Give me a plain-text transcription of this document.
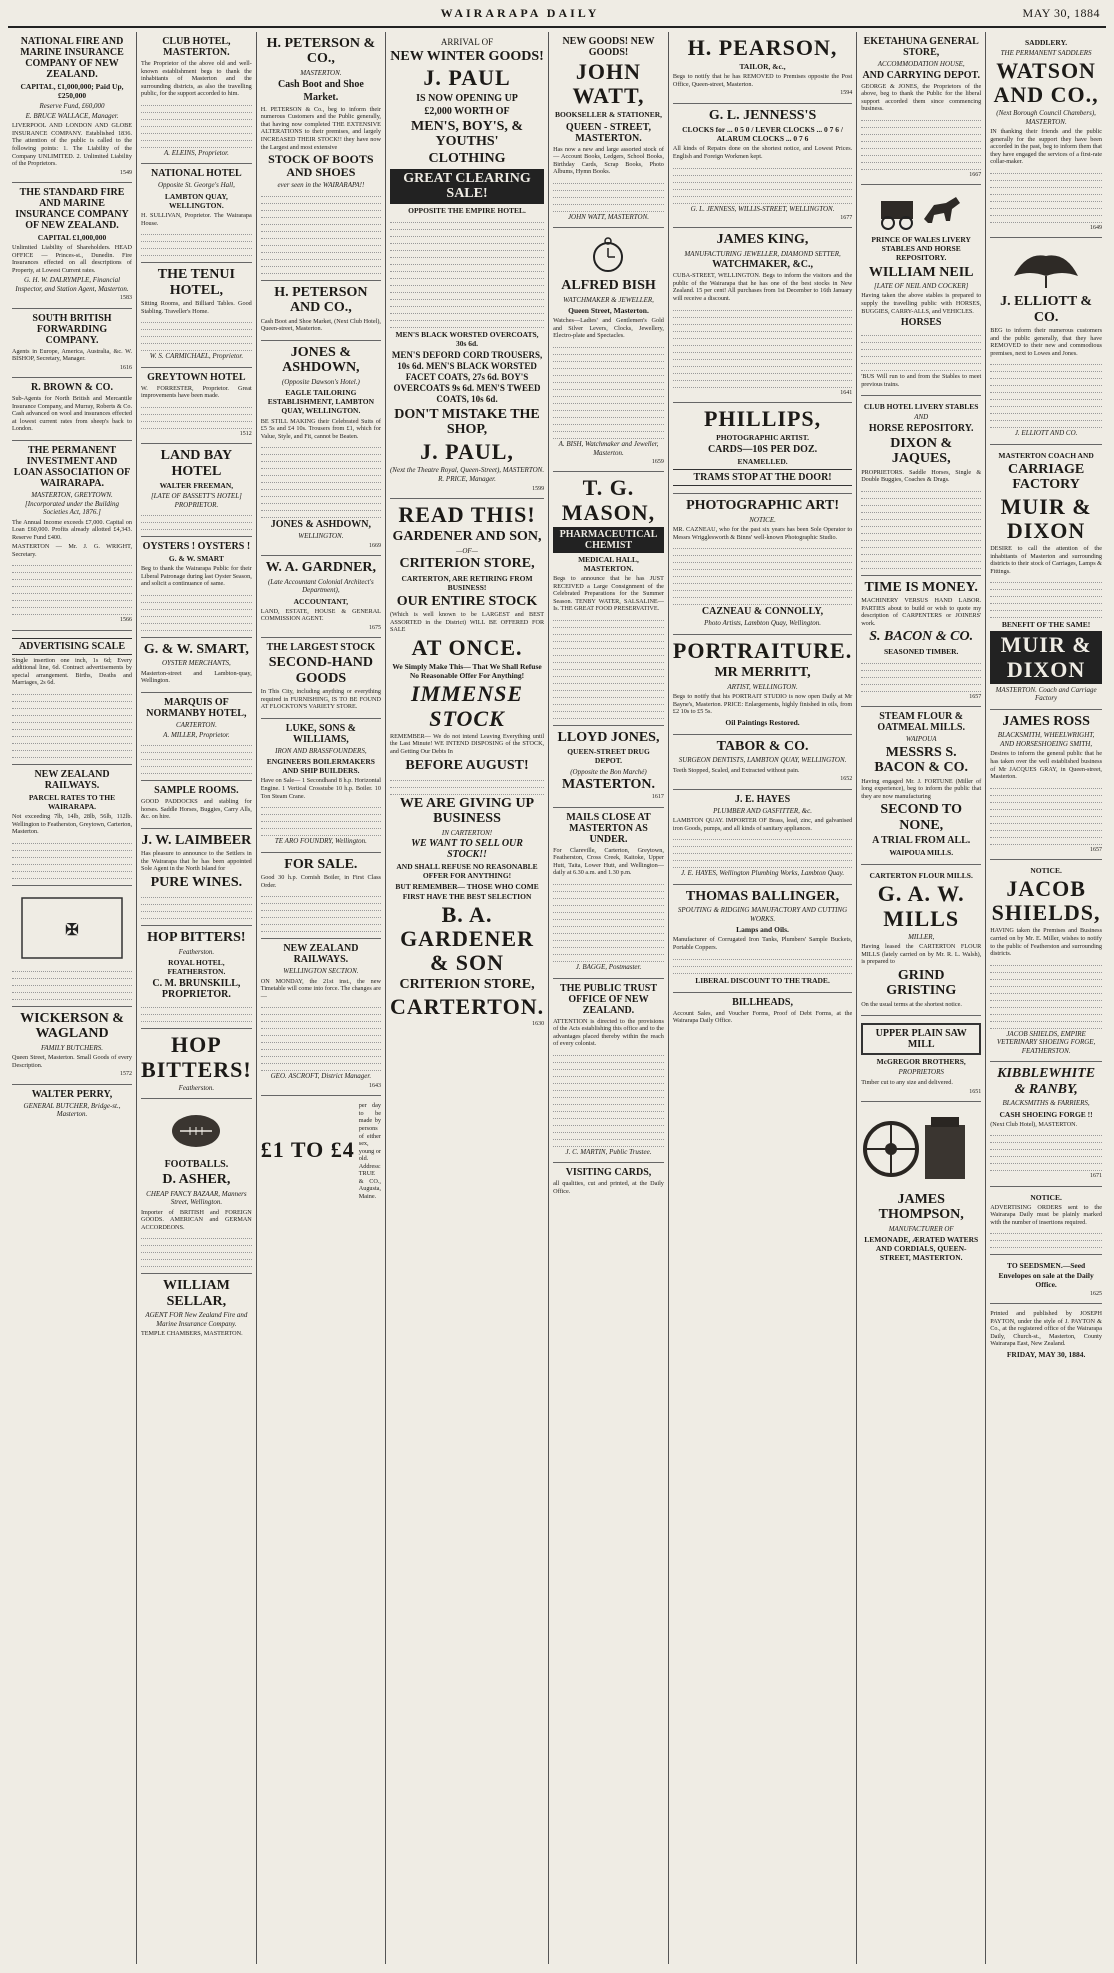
WAIRARAPA DAILY	MAY 30, 1884
NATIONAL FIRE AND MARINE INSURANCE COMPANY OF NEW ZEALAND.
CAPITAL, £1,000,000; Paid Up, £250,000
Reserve Fund, £60,000
E. BRUCE WALLACE, Manager.

LIVERPOOL AND LONDON AND GLOBE INSURANCE COMPANY. Established 1836. The attention of the public is called to the following points: 1. The Liability of the Company UNLIMITED. 2. Unlimited Liability of the Proprietors.

1549
THE STANDARD FIRE AND MARINE INSURANCE COMPANY OF NEW ZEALAND.
CAPITAL £1,000,000

Unlimited Liability of Shareholders. HEAD OFFICE — Princes-st., Dunedin. Fire Insurances effected on all descriptions of Property, at Lowest Current rates.

G. H. W. DALRYMPLE, Financial Inspector, and Station Agent, Masterton.
1583
SOUTH BRITISH FORWARDING COMPANY.

Agents in Europe, America, Australia, &c. W. BISHOP, Secretary, Manager.

1616
R. BROWN & CO.

Sub-Agents for North British and Mercantile Insurance Company, and Murray, Roberts & Co. Cash advanced on wool and insurances effected at lowest current rates from sheep's back to London.

THE PERMANENT INVESTMENT AND LOAN ASSOCIATION OF WAIRARAPA.
MASTERTON, GREYTOWN. [Incorporated under the Building Societies Act, 1876.]

The Annual Income exceeds £7,000. Capital on Loan £60,000. Profits already allotted £4,343. Reserve Fund £400.

MASTERTON — Mr. J. G. WRIGHT, Secretary.

1566
ADVERTISING SCALE

Single insertion one inch, 1s 6d; Every additional line, 6d. Contract advertisements by special arrangement. Births, Deaths and Marriages, 2s 6d.

NEW ZEALAND RAILWAYS.
PARCEL RATES TO THE WAIRARAPA.

Not exceeding 7lb, 14lb, 28lb, 56lb, 112lb. Wellington to Featherston, Greytown, Carterton, Masterton.

✠
WICKERSON & WAGLAND
FAMILY BUTCHERS.

Queen Street, Masterton. Small Goods of every Description.

1572
WALTER PERRY,
GENERAL BUTCHER, Bridge-st., Masterton.
CLUB HOTEL, MASTERTON.

The Proprietor of the above old and well-known establishment begs to thank the inhabitants of Masterton and the surrounding districts, as also the travelling public, for the support accorded to him.

A. ELEINS, Proprietor.
NATIONAL HOTEL
Opposite St. George's Hall,
LAMBTON QUAY, WELLINGTON.

H. SULLIVAN, Proprietor. The Wairarapa House.

THE TENUI HOTEL,

Sitting Rooms, and Billiard Tables. Good Stabling. Traveller's Home.

W. S. CARMICHAEL, Proprietor.
GREYTOWN HOTEL

W. FORRESTER, Proprietor. Great improvements have been made.

1512
LAND BAY HOTEL
WALTER FREEMAN,
[LATE OF BASSETT'S HOTEL] PROPRIETOR.
OYSTERS ! OYSTERS !
G. & W. SMART

Beg to thank the Wairarapa Public for their Liberal Patronage during last Oyster Season, and solicit a continuance of same.

G. & W. SMART,
OYSTER MERCHANTS,

Masterton-street and Lambton-quay, Wellington.

MARQUIS OF NORMANBY HOTEL,
CARTERTON.
A. MILLER, Proprietor.
SAMPLE ROOMS.

GOOD PADDOCKS and stabling for horses. Saddle Horses, Buggies, Carry Alls, &c. on hire.

J. W. LAIMBEER

Has pleasure to announce to the Settlers in the Wairarapa that he has been appointed Sole Agent in the North Island for

PURE WINES.
HOP BITTERS!
Featherston.
ROYAL HOTEL, FEATHERSTON.
C. M. BRUNSKILL, PROPRIETOR.
HOP BITTERS!
Featherston.
FOOTBALLS.
D. ASHER,
CHEAP FANCY BAZAAR, Manners Street, Wellington.

Importer of BRITISH and FOREIGN GOODS. AMERICAN and GERMAN ACCORDEONS.

WILLIAM SELLAR,
AGENT FOR New Zealand Fire and Marine Insurance Company.

TEMPLE CHAMBERS, MASTERTON.

H. PETERSON & CO.,
MASTERTON.
Cash Boot and Shoe Market.

H. PETERSON & Co., beg to inform their numerous Customers and the Public generally, that having now completed THE EXTENSIVE ALTERATIONS to their premises, and largely INCREASED THEIR STOCK!! they have now the Largest and most extensive

STOCK OF BOOTS AND SHOES
ever seen in the WAIRARAPA!!
H. PETERSON AND CO.,

Cash Boot and Shoe Market, (Next Club Hotel), Queen-street, Masterton.

JONES & ASHDOWN,
(Opposite Dawson's Hotel.)
EAGLE TAILORING ESTABLISHMENT, LAMBTON QUAY, WELLINGTON.

BE STILL MAKING their Celebrated Suits of £5 5s and £4 10s. Trousers from £1, which for Value, Style, and Fit, cannot be Beaten.

JONES & ASHDOWN,
WELLINGTON.
1669
W. A. GARDNER,
(Late Accountant Colonial Architect's Department),
ACCOUNTANT,

LAND, ESTATE, HOUSE & GENERAL COMMISSION AGENT.

1675
THE LARGEST STOCK
SECOND-HAND GOODS

In This City, including anything or everything required in FURNISHING, IS TO BE FOUND AT FLOCKTON'S VARIETY STORE.

LUKE, SONS & WILLIAMS,
IRON AND BRASSFOUNDERS,
ENGINEERS BOILERMAKERS AND SHIP BUILDERS.

Have on Sale— 1 Secondhand 8 h.p. Horizontal Engine. 1 Vertical Crosstube 10 h.p. Boiler. 10 Ton Steam Crane.

TE ARO FOUNDRY, Wellington.
FOR SALE.

Good 30 h.p. Cornish Boiler, in First Class Order.

NEW ZEALAND RAILWAYS.
WELLINGTON SECTION.

ON MONDAY, the 21st inst., the new Timetable will come into force. The changes are—

GEO. ASCROFT, District Manager.
1643
£1 TO £4

per day to be made by persons of either sex, young or old. Address: TRUE & CO., Augusta, Maine.

ARRIVAL OF
NEW WINTER GOODS!
J. PAUL
IS NOW OPENING UP
£2,000 WORTH OF
MEN'S, BOY'S, & YOUTHS'
CLOTHING
GREAT CLEARING SALE!
OPPOSITE THE EMPIRE HOTEL.
MEN'S BLACK WORSTED OVERCOATS, 30s 6d.
MEN'S DEFORD CORD TROUSERS, 10s 6d. MEN'S BLACK WORSTED FACET COATS, 27s 6d. BOY'S OVERCOATS 9s 6d. MEN'S TWEED COATS, 10s 6d.
DON'T MISTAKE THE SHOP,
J. PAUL,
(Next the Theatre Royal, Queen-Street), MASTERTON.
R. PRICE, Manager.
1599
READ THIS!
GARDENER AND SON,
—OF—
CRITERION STORE,
CARTERTON, ARE RETIRING FROM BUSINESS!
OUR ENTIRE STOCK

(Which is well known to be LARGEST and BEST ASSORTED in the District) WILL BE OFFERED FOR SALE

AT ONCE.
We Simply Make This— That We Shall Refuse No Reasonable Offer For Anything!
IMMENSE STOCK

REMEMBER— We do not intend Leaving Everything until the Last Minute! WE INTEND DISPOSING of the STOCK, and Getting Our Debts In

BEFORE AUGUST!
WE ARE GIVING UP BUSINESS
IN CARTERTON!
WE WANT TO SELL OUR STOCK!!
AND SHALL REFUSE NO REASONABLE OFFER FOR ANYTHING!
BUT REMEMBER— THOSE WHO COME FIRST HAVE THE BEST SELECTION
B. A. GARDENER & SON
CRITERION STORE,
CARTERTON.
1630
NEW GOODS! NEW GOODS!
JOHN WATT,
BOOKSELLER & STATIONER,
QUEEN - STREET, MASTERTON.

Has now a new and large assorted stock of— Account Books, Ledgers, School Books, Birthday Cards, Scrap Books, Photo Albums, Hymn Books.

JOHN WATT, MASTERTON.
ALFRED BISH
WATCHMAKER & JEWELLER,
Queen Street, Masterton.

Watches—Ladies' and Gentlemen's Gold and Silver Levers, Clocks, Jewellery, Electro-plate and Spectacles.

A. BISH, Watchmaker and Jeweller, Masterton.
1659
T. G. MASON,
PHARMACEUTICAL CHEMIST
MEDICAL HALL, MASTERTON.

Begs to announce that he has JUST RECEIVED a Large Consignment of the Celebrated Preparations for the Summer Season. TENBY WATER, SALSALINE— Is. THE GREAT FOOD PRESERVATIVE.

LLOYD JONES,
QUEEN-STREET DRUG DEPOT.
(Opposite the Bon Marché)
MASTERTON.
1617
MAILS CLOSE AT MASTERTON AS UNDER.

For Clareville, Carterton, Greytown, Featherston, Cross Creek, Kaitoke, Upper Hutt, Taita, Lower Hutt, and Wellington—daily at 6.30 a.m. and 1.30 p.m.

J. BAGGE, Postmaster.
THE PUBLIC TRUST OFFICE OF NEW ZEALAND.

ATTENTION is directed to the provisions of the Acts establishing this office and to the advantages placed thereby within the reach of every colonist.

J. C. MARTIN, Public Trustee.
VISITING CARDS,

all qualities, cut and printed, at the Daily Office.

H. PEARSON,
TAILOR, &c.,

Begs to notify that he has REMOVED to Premises opposite the Post Office, Queen-street, Masterton.

1594
G. L. JENNESS'S
CLOCKS for ... 0 5 0 / LEVER CLOCKS ... 0 7 6 / ALARUM CLOCKS ... 0 7 6

All kinds of Repairs done on the shortest notice, and Lowest Prices. English and Foreign Workmen kept.

G. L. JENNESS, WILLIS-STREET, WELLINGTON.
1677
JAMES KING,
MANUFACTURING JEWELLER, DIAMOND SETTER,
WATCHMAKER, &C.,

CUBA-STREET, WELLINGTON. Begs to inform the visitors and the public of the Wairarapa that he has one of the best stocks in New Zealand. 15 per cent! All purchases from 1st December to 16th January will receive a discount.

1641
PHILLIPS,
PHOTOGRAPHIC ARTIST.
CARDS—10S PER DOZ.
ENAMELLED.
TRAMS STOP AT THE DOOR!
PHOTOGRAPHIC ART!
NOTICE.

MR. CAZNEAU, who for the past six years has been Sole Operator to Messrs Wrigglesworth & Binns' well-known Photographic Studio.

CAZNEAU & CONNOLLY,
Photo Artists, Lambton Quay, Wellington.
PORTRAITURE.
MR MERRITT,
ARTIST, WELLINGTON.

Begs to notify that his PORTRAIT STUDIO is now open Daily at Mr Bayne's, Masterton. PRICE: Enlargements, highly finished in oils, from £2 10s to £5 5s.

Oil Paintings Restored.
TABOR & CO.
SURGEON DENTISTS, LAMBTON QUAY, WELLINGTON.

Teeth Stopped, Scaled, and Extracted without pain.

1652
J. E. HAYES
PLUMBER AND GASFITTER, &c.

LAMBTON QUAY. IMPORTER OF Brass, lead, zinc, and galvanised iron Goods, pumps, and all kinds of sanitary appliances.

J. E. HAYES, Wellington Plumbing Works, Lambton Quay.
THOMAS BALLINGER,
SPOUTING & RIDGING MANUFACTORY AND CUTTING WORKS.
Lamps and Oils.

Manufacturer of Corrugated Iron Tanks, Plumbers' Sample Buckets, Portable Coppers.

LIBERAL DISCOUNT TO THE TRADE.
BILLHEADS,

Account Sales, and Voucher Forms, Proof of Debt Forms, at the Wairarapa Daily Office.

EKETAHUNA GENERAL STORE,
ACCOMMODATION HOUSE,
AND CARRYING DEPOT.

GEORGE & JONES, the Proprietors of the above, beg to thank the Public for the liberal support accorded them since commencing business.

1667
PRINCE OF WALES LIVERY STABLES AND HORSE REPOSITORY.
WILLIAM NEIL
[LATE OF NEIL AND COCKER]

Having taken the above stables is prepared to supply the travelling public with HORSES, BUGGIES, CARRY-ALLS, and VEHICLES.

HORSES

'BUS Will run to and from the Stables to meet previous trains.

CLUB HOTEL LIVERY STABLES
AND
HORSE REPOSITORY.
DIXON & JAQUES,

PROPRIETORS. Saddle Horses, Single & Double Buggies, Coaches & Drags.

TIME IS MONEY.

MACHINERY VERSUS HAND LABOR. PARTIES about to build or wish to quote my description of CARPENTERS or JOINERS' work.

S. BACON & CO.
SEASONED TIMBER.
1657
STEAM FLOUR & OATMEAL MILLS.
WAIPOUA
MESSRS S. BACON & CO.

Having engaged Mr. J. FORTUNE (Miller of long experience), beg to inform the public that they are now manufacturing

SECOND TO NONE,
A TRIAL FROM ALL.
WAIPOUA MILLS.
CARTERTON FLOUR MILLS.
G. A. W. MILLS
MILLER,

Having leased the CARTERTON FLOUR MILLS (lately carried on by Mr. R. L. Walsh), is prepared to

GRIND GRISTING

On the usual terms at the shortest notice.

UPPER PLAIN SAW MILL
McGREGOR BROTHERS,
PROPRIETORS

Timber cut to any size and delivered.

1651
JAMES THOMPSON,
MANUFACTURER OF
LEMONADE, ÆRATED WATERS AND CORDIALS, QUEEN-STREET, MASTERTON.
SADDLERY.
THE PERMANENT SADDLERS
WATSON AND CO.,
(Next Borough Council Chambers), MASTERTON.

IN thanking their friends and the public generally for the support they have been accorded in the past, beg to inform them that they have engaged the services of a first-rate collar-maker.

1649
J. ELLIOTT & CO.

BEG to inform their numerous customers and the public generally, that they have REMOVED to their new and commodious premises, next to Lowes and Jones.

J. ELLIOTT AND CO.
MASTERTON COACH AND
CARRIAGE FACTORY
MUIR & DIXON

DESIRE to call the attention of the inhabitants of Masterton and surrounding districts to their stock of Carriages, Lamps & Fittings.

BENEFIT OF THE SAME!
MUIR & DIXON
MASTERTON. Coach and Carriage Factory
JAMES ROSS
BLACKSMITH, WHEELWRIGHT, AND HORSESHOEING SMITH,

Desires to inform the general public that he has taken over the well established business of Mr JACQUES GRAY, in Queen-street, Masterton.

1657
NOTICE.
JACOB SHIELDS,

HAVING taken the Premises and Business carried on by Mr. E. Miller, wishes to notify to the public of Featherston and surrounding districts.

JACOB SHIELDS, EMPIRE VETERINARY SHOEING FORGE, FEATHERSTON.
KIBBLEWHITE & RANBY,
BLACKSMITHS & FARRIERS,
CASH SHOEING FORGE !!

(Next Club Hotel), MASTERTON.

1671
NOTICE.

ADVERTISING ORDERS sent to the Wairarapa Daily must be plainly marked with the number of insertions required.

TO SEEDSMEN.—Seed Envelopes on sale at the Daily Office.
1625

Printed and published by JOSEPH PAYTON, under the style of J. PAYTON & Co., at the registered office of the Wairarapa Daily, Church-st., Masterton, County Wairarapa East, New Zealand.

FRIDAY, MAY 30, 1884.
